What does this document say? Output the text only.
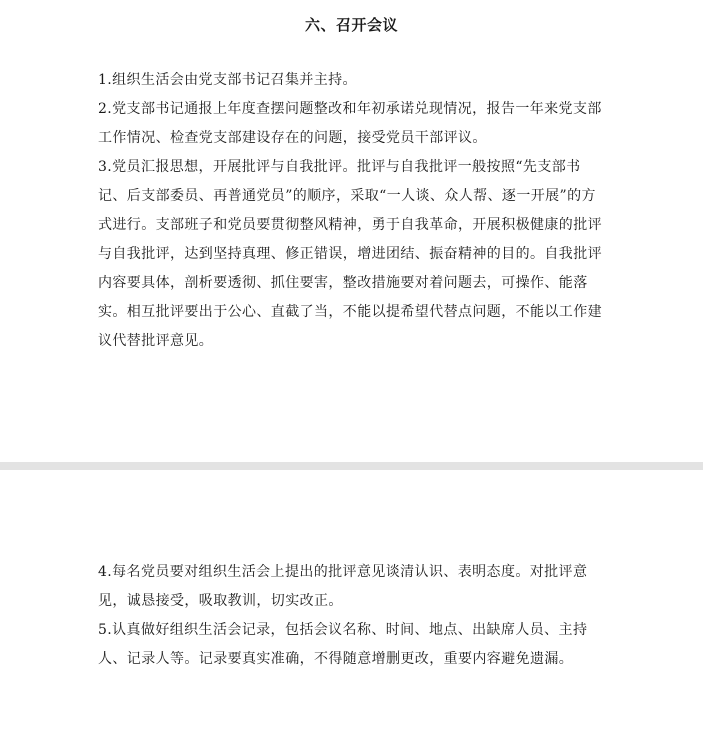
六、召开会议

1.组织生活会由党支部书记召集并主持。

2.党支部书记通报上年度查摆问题整改和年初承诺兑现情况，报告一年来党支部工作情况、检查党支部建设存在的问题，接受党员干部评议。

3.党员汇报思想，开展批评与自我批评。批评与自我批评一般按照“先支部书记、后支部委员、再普通党员”的顺序，采取“一人谈、众人帮、逐一开展”的方式进行。支部班子和党员要贯彻整风精神，勇于自我革命，开展积极健康的批评与自我批评，达到坚持真理、修正错误，增进团结、振奋精神的目的。自我批评内容要具体，剖析要透彻、抓住要害，整改措施要对着问题去，可操作、能落实。相互批评要出于公心、直截了当，不能以提希望代替点问题，不能以工作建议代替批评意见。

4.每名党员要对组织生活会上提出的批评意见谈清认识、表明态度。对批评意见，诚恳接受，吸取教训，切实改正。

5.认真做好组织生活会记录，包括会议名称、时间、地点、出缺席人员、主持人、记录人等。记录要真实准确，不得随意增删更改，重要内容避免遗漏。
